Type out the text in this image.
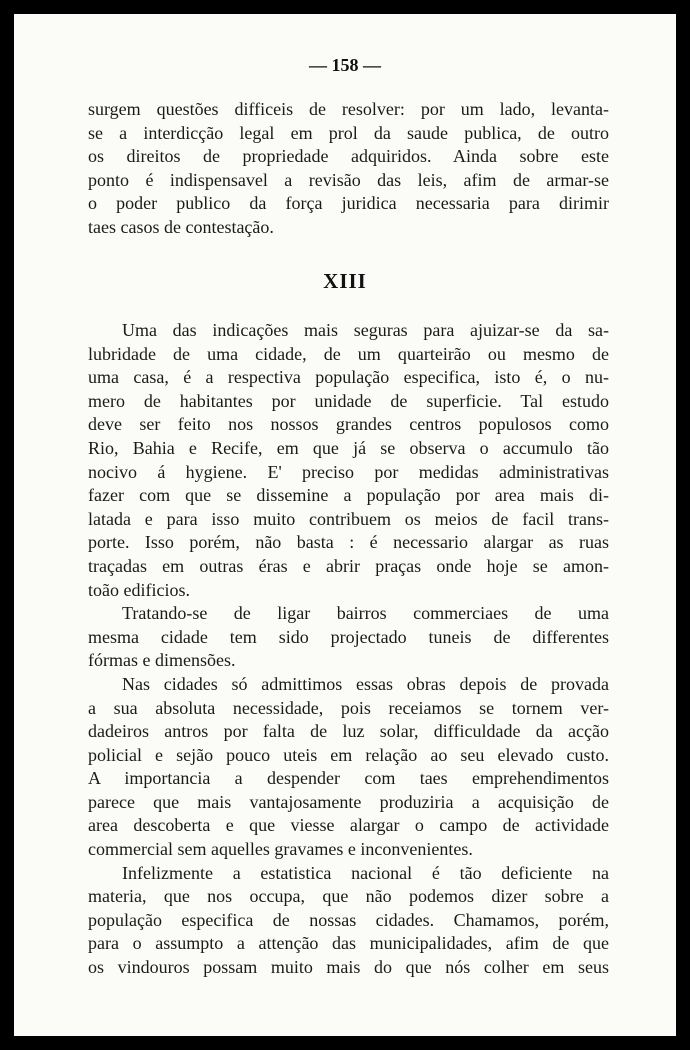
— 158 —
surgem questões difficeis de resolver: por um lado, levanta-
se a interdicção legal em prol da saude publica, de outro
os direitos de propriedade adquiridos. Ainda sobre este
ponto é indispensavel a revisão das leis, afim de armar-se
o poder publico da força juridica necessaria para dirimir
taes casos de contestação.
XIII
Uma das indicações mais seguras para ajuizar-se da sa-
lubridade de uma cidade, de um quarteirão ou mesmo de
uma casa, é a respectiva população especifica, isto é, o nu-
mero de habitantes por unidade de superficie. Tal estudo
deve ser feito nos nossos grandes centros populosos como
Rio, Bahia e Recife, em que já se observa o accumulo tão
nocivo á hygiene. E' preciso por medidas administrativas
fazer com que se dissemine a população por area mais di-
latada e para isso muito contribuem os meios de facil trans-
porte. Isso porém, não basta : é necessario alargar as ruas
traçadas em outras éras e abrir praças onde hoje se amon-
toão edificios.
Tratando-se de ligar bairros commerciaes de uma
mesma cidade tem sido projectado tuneis de differentes
fórmas e dimensões.
Nas cidades só admittimos essas obras depois de provada
a sua absoluta necessidade, pois receiamos se tornem ver-
dadeiros antros por falta de luz solar, difficuldade da acção
policial e sejão pouco uteis em relação ao seu elevado custo.
A importancia a despender com taes emprehendimentos
parece que mais vantajosamente produziria a acquisição de
area descoberta e que viesse alargar o campo de actividade
commercial sem aquelles gravames e inconvenientes.
Infelizmente a estatistica nacional é tão deficiente na
materia, que nos occupa, que não podemos dizer sobre a
população especifica de nossas cidades. Chamamos, porém,
para o assumpto a attenção das municipalidades, afim de que
os vindouros possam muito mais do que nós colher em seus
